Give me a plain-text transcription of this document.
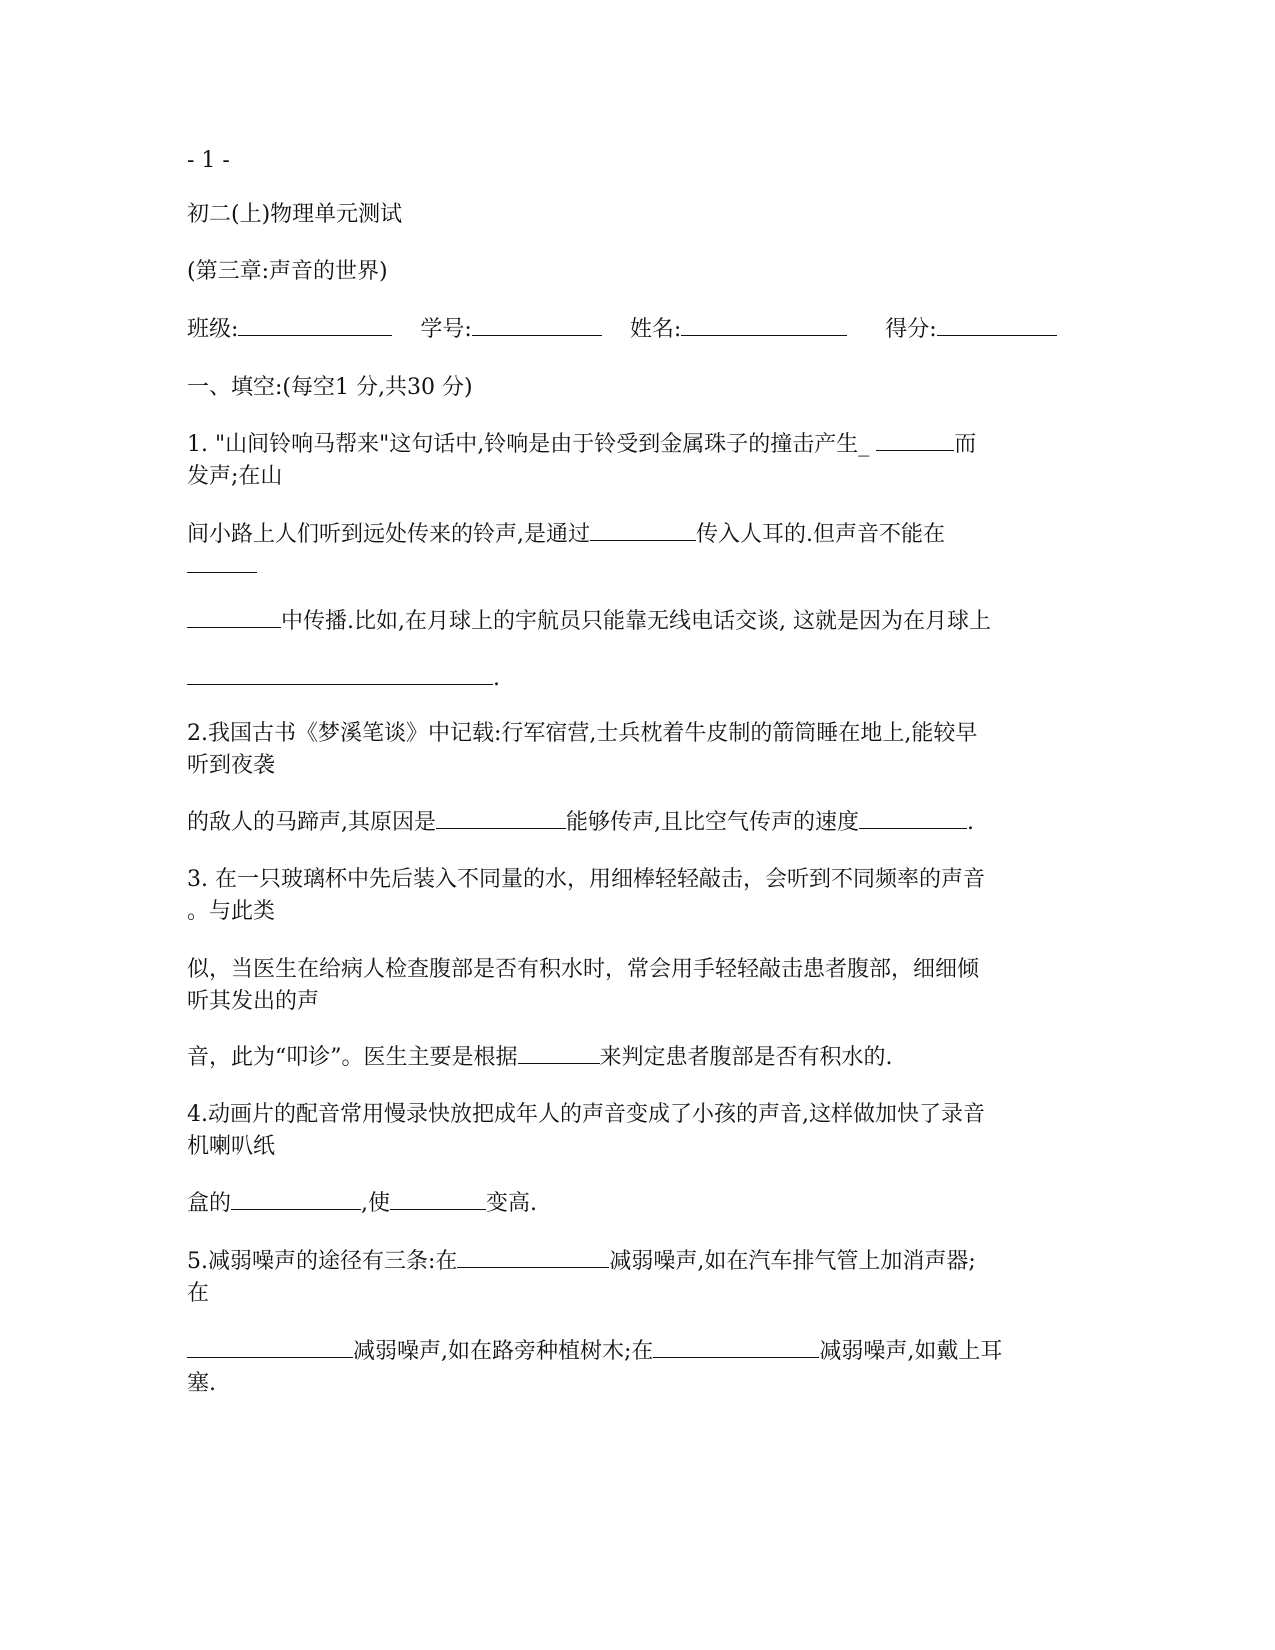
- 1 -
初二(上)物理单元测试
(第三章:声音的世界)
班级:	学号:	姓名:	得分:
一、填空:(每空1 分,共30 分)
1. "山间铃响马帮来"这句话中,铃响是由于铃受到金属珠子的撞击产生_	而
发声;在山
间小路上人们听到远处传来的铃声,是通过	传入人耳的.但声音不能在
中传播.比如,在月球上的宇航员只能靠无线电话交谈, 这就是因为在月球上
.
2.我国古书《梦溪笔谈》中记载:行军宿营,士兵枕着牛皮制的箭筒睡在地上,能较早
听到夜袭
的敌人的马蹄声,其原因是	能够传声,且比空气传声的速度	.
3. 在一只玻璃杯中先后装入不同量的水，用细棒轻轻敲击，会听到不同频率的声音
。与此类
似，当医生在给病人检查腹部是否有积水时，常会用手轻轻敲击患者腹部，细细倾
听其发出的声
音，此为“叩诊”。医生主要是根据	来判定患者腹部是否有积水的.
4.动画片的配音常用慢录快放把成年人的声音变成了小孩的声音,这样做加快了录音
机喇叭纸
盒的	,使	变高.
5.减弱噪声的途径有三条:在	减弱噪声,如在汽车排气管上加消声器;
在
减弱噪声,如在路旁种植树木;在	减弱噪声,如戴上耳
塞.
